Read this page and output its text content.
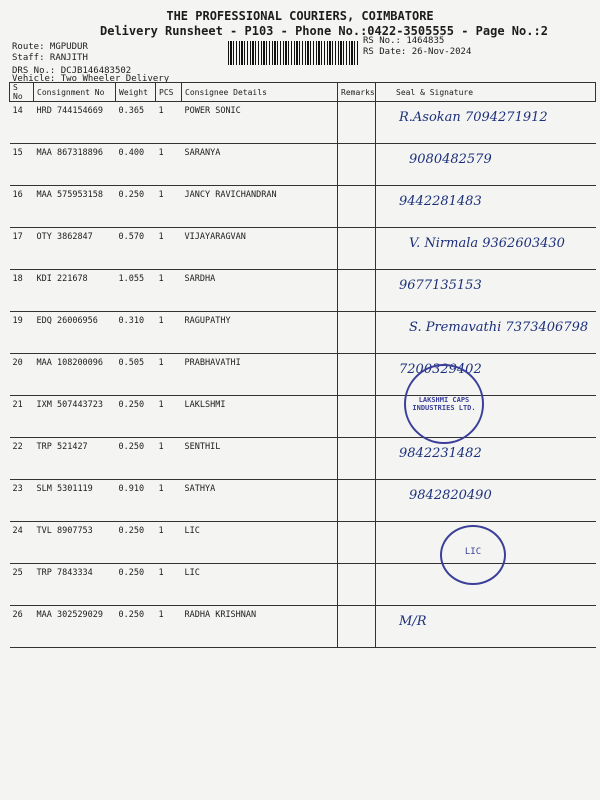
THE PROFESSIONAL COURIERS, COIMBATORE
Delivery Runsheet - P103 - Phone No.:0422-3505555 - Page No.:2
Route: MGPUDUR
Staff: RANJITH
DRS No.: DCJB146483502
Vehicle: Two Wheeler Delivery
RS No.: 1464835
RS Date: 26-Nov-2024
S No	Consignment No	Weight	PCS	Consignee Details	Remarks	Seal & Signature
14	HRD 744154669	0.365	1	POWER SONIC		R.Asokan 7094271912
15	MAA 867318896	0.400	1	SARANYA		9080482579
16	MAA 575953158	0.250	1	JANCY RAVICHANDRAN		9442281483
17	OTY 3862847	0.570	1	VIJAYARAGVAN		V. Nirmala 9362603430
18	KDI 221678	1.055	1	SARDHA		9677135153
19	EDQ 26006956	0.310	1	RAGUPATHY		S. Premavathi 7373406798
20	MAA 108200096	0.505	1	PRABHAVATHI		7200329402
21	IXM 507443723	0.250	1	LAKLSHMI		
22	TRP 521427	0.250	1	SENTHIL		9842231482
23	SLM 5301119	0.910	1	SATHYA		9842820490
24	TVL 8907753	0.250	1	LIC		
25	TRP 7843334	0.250	1	LIC		
26	MAA 302529029	0.250	1	RADHA KRISHNAN		M/R
LAKSHMI CAPS INDUSTRIES LTD.
LIC
